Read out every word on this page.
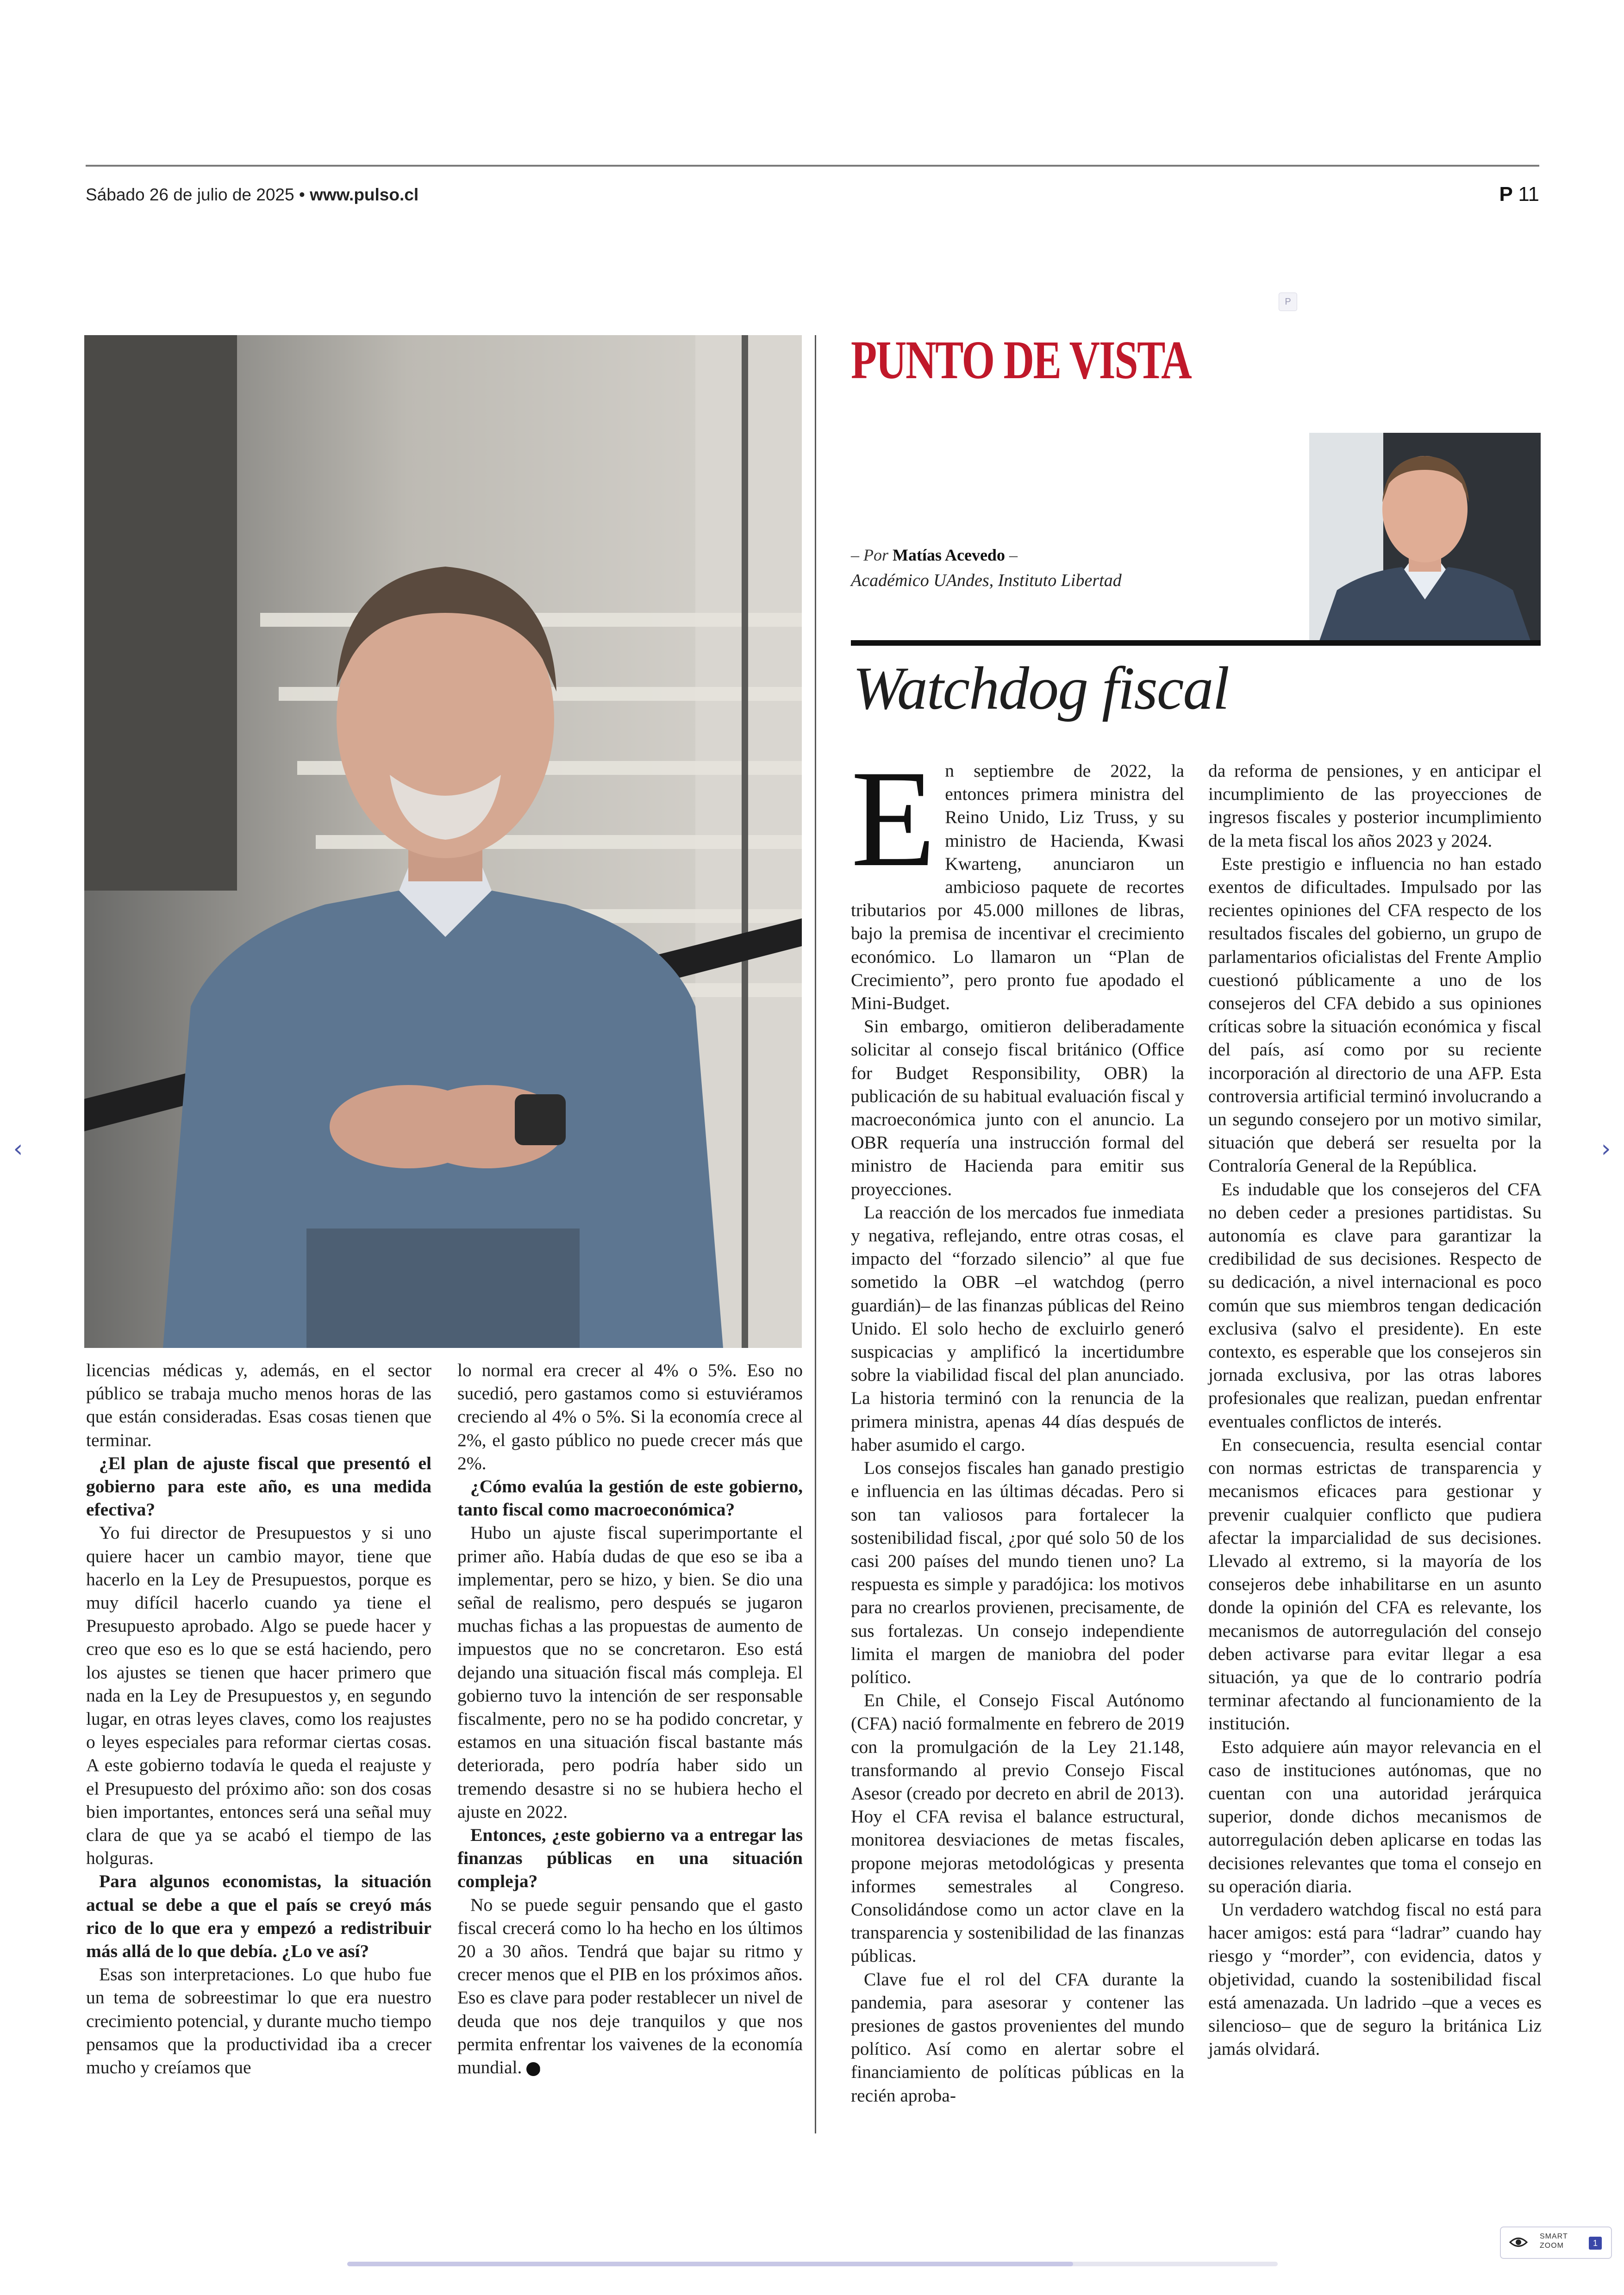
Sábado 26 de julio de 2025 • www.pulso.cl	P 11
P
PUNTO DE VISTA
– Por Matías Acevedo –
Académico UAndes, Instituto Libertad
Watchdog fiscal

licencias médicas y, además, en el sector público se trabaja mucho menos horas de las que están consideradas. Esas cosas tienen que terminar.

¿El plan de ajuste fiscal que presentó el gobierno para este año, es una medida efectiva?

Yo fui director de Presupuestos y si uno quiere hacer un cambio mayor, tiene que hacerlo en la Ley de Presupuestos, porque es muy difícil hacerlo cuando ya tiene el Presupuesto aprobado. Algo se puede hacer y creo que eso es lo que se está haciendo, pero los ajustes se tienen que hacer primero que nada en la Ley de Presupuestos y, en segundo lugar, en otras leyes claves, como los reajustes o leyes especiales para reformar ciertas cosas. A este gobierno todavía le queda el reajuste y el Presupuesto del próximo año: son dos cosas bien importantes, entonces será una señal muy clara de que ya se acabó el tiempo de las holguras.

Para algunos economistas, la situación actual se debe a que el país se creyó más rico de lo que era y empezó a redistribuir más allá de lo que debía. ¿Lo ve así?

Esas son interpretaciones. Lo que hubo fue un tema de sobreestimar lo que era nuestro crecimiento potencial, y durante mucho tiempo pensamos que la productividad iba a crecer mucho y creíamos que

lo normal era crecer al 4% o 5%. Eso no sucedió, pero gastamos como si estuviéramos creciendo al 4% o 5%. Si la economía crece al 2%, el gasto público no puede crecer más que 2%.

¿Cómo evalúa la gestión de este gobierno, tanto fiscal como macroeconómica?

Hubo un ajuste fiscal superimportante el primer año. Había dudas de que eso se iba a implementar, pero se hizo, y bien. Se dio una señal de realismo, pero después se jugaron muchas fichas a las propuestas de aumento de impuestos que no se concretaron. Eso está dejando una situación fiscal más compleja. El gobierno tuvo la intención de ser responsable fiscalmente, pero no se ha podido concretar, y estamos en una situación fiscal bastante más deteriorada, pero podría haber sido un tremendo desastre si no se hubiera hecho el ajuste en 2022.

Entonces, ¿este gobierno va a entregar las finanzas públicas en una situación compleja?

No se puede seguir pensando que el gasto fiscal crecerá como lo ha hecho en los últimos 20 a 30 años. Tendrá que bajar su ritmo y crecer menos que el PIB en los próximos años. Eso es clave para poder restablecer un nivel de deuda que nos deje tranquilos y que nos permita enfrentar los vaivenes de la economía mundial. P

En septiembre de 2022, la entonces primera ministra del Reino Unido, Liz Truss, y su ministro de Hacienda, Kwasi Kwarteng, anunciaron un ambicioso paquete de recortes tributarios por 45.000 millones de libras, bajo la premisa de incentivar el crecimiento económico. Lo llamaron un “Plan de Crecimiento”, pero pronto fue apodado el Mini-Budget.

Sin embargo, omitieron deliberadamente solicitar al consejo fiscal británico (Office for Budget Responsibility, OBR) la publicación de su habitual evaluación fiscal y macroeconómica junto con el anuncio. La OBR requería una instrucción formal del ministro de Hacienda para emitir sus proyecciones.

La reacción de los mercados fue inmediata y negativa, reflejando, entre otras cosas, el impacto del “forzado silencio” al que fue sometido la OBR –el watchdog (perro guardián)– de las finanzas públicas del Reino Unido. El solo hecho de excluirlo generó suspicacias y amplificó la incertidumbre sobre la viabilidad fiscal del plan anunciado. La historia terminó con la renuncia de la primera ministra, apenas 44 días después de haber asumido el cargo.

Los consejos fiscales han ganado prestigio e influencia en las últimas décadas. Pero si son tan valiosos para fortalecer la sostenibilidad fiscal, ¿por qué solo 50 de los casi 200 países del mundo tienen uno? La respuesta es simple y paradójica: los motivos para no crearlos provienen, precisamente, de sus fortalezas. Un consejo independiente limita el margen de maniobra del poder político.

En Chile, el Consejo Fiscal Autónomo (CFA) nació formalmente en febrero de 2019 con la promulgación de la Ley 21.148, transformando al previo Consejo Fiscal Asesor (creado por decreto en abril de 2013). Hoy el CFA revisa el balance estructural, monitorea desviaciones de metas fiscales, propone mejoras metodológicas y presenta informes semestrales al Congreso. Consolidándose como un actor clave en la transparencia y sostenibilidad de las finanzas públicas.

Clave fue el rol del CFA durante la pandemia, para asesorar y contener las presiones de gastos provenientes del mundo político. Así como en alertar sobre el financiamiento de políticas públicas en la recién aproba-

da reforma de pensiones, y en anticipar el incumplimiento de las proyecciones de ingresos fiscales y posterior incumplimiento de la meta fiscal los años 2023 y 2024.

Este prestigio e influencia no han estado exentos de dificultades. Impulsado por las recientes opiniones del CFA respecto de los resultados fiscales del gobierno, un grupo de parlamentarios oficialistas del Frente Amplio cuestionó públicamente a uno de los consejeros del CFA debido a sus opiniones críticas sobre la situación económica y fiscal del país, así como por su reciente incorporación al directorio de una AFP. Esta controversia artificial terminó involucrando a un segundo consejero por un motivo similar, situación que deberá ser resuelta por la Contraloría General de la República.

Es indudable que los consejeros del CFA no deben ceder a presiones partidistas. Su autonomía es clave para garantizar la credibilidad de sus decisiones. Respecto de su dedicación, a nivel internacional es poco común que sus miembros tengan dedicación exclusiva (salvo el presidente). En este contexto, es esperable que los consejeros sin jornada exclusiva, por las otras labores profesionales que realizan, puedan enfrentar eventuales conflictos de interés.

En consecuencia, resulta esencial contar con normas estrictas de transparencia y mecanismos eficaces para gestionar y prevenir cualquier conflicto que pudiera afectar la imparcialidad de sus decisiones. Llevado al extremo, si la mayoría de los consejeros debe inhabilitarse en un asunto donde la opinión del CFA es relevante, los mecanismos de autorregulación del consejo deben activarse para evitar llegar a esa situación, ya que de lo contrario podría terminar afectando al funcionamiento de la institución.

Esto adquiere aún mayor relevancia en el caso de instituciones autónomas, que no cuentan con una autoridad jerárquica superior, donde dichos mecanismos de autorregulación deben aplicarse en todas las decisiones relevantes que toma el consejo en su operación diaria.

Un verdadero watchdog fiscal no está para hacer amigos: está para “ladrar” cuando hay riesgo y “morder”, con evidencia, datos y objetividad, cuando la sostenibilidad fiscal está amenazada. Un ladrido –que a veces es silencioso– que de seguro la británica Liz jamás olvidará.

‹	›
SMART
ZOOM	1
